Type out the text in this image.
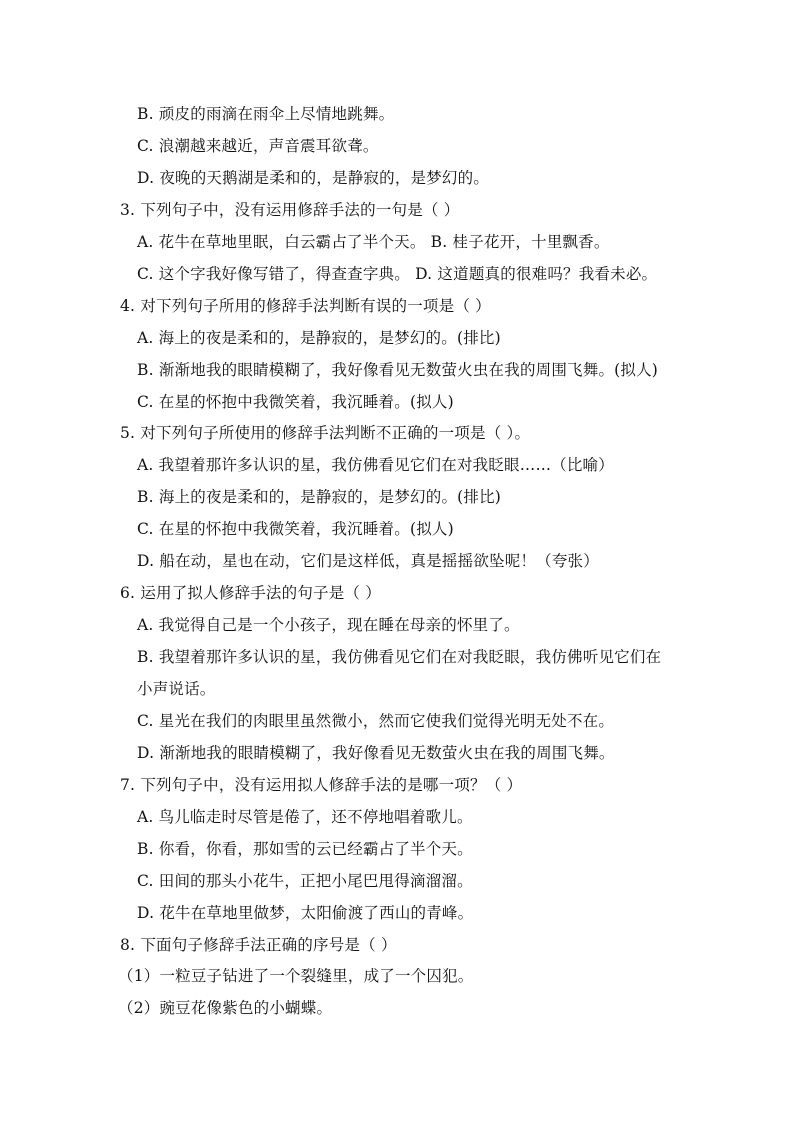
B. 顽皮的雨滴在雨伞上尽情地跳舞。
C. 浪潮越来越近，声音震耳欲聋。
D. 夜晚的天鹅湖是柔和的，是静寂的，是梦幻的。
3. 下列句子中，没有运用修辞手法的一句是（ ）
A. 花牛在草地里眠，白云霸占了半个天。 B. 桂子花开，十里飘香。
C. 这个字我好像写错了，得查查字典。 D. 这道题真的很难吗？我看未必。
4. 对下列句子所用的修辞手法判断有误的一项是（ ）
A. 海上的夜是柔和的，是静寂的，是梦幻的。(排比)
B. 渐渐地我的眼睛模糊了，我好像看见无数萤火虫在我的周围飞舞。(拟人)
C. 在星的怀抱中我微笑着，我沉睡着。(拟人)
5. 对下列句子所使用的修辞手法判断不正确的一项是（ ）。
A. 我望着那许多认识的星，我仿佛看见它们在对我眨眼……（比喻）
B. 海上的夜是柔和的，是静寂的，是梦幻的。(排比)
C. 在星的怀抱中我微笑着，我沉睡着。(拟人)
D. 船在动，星也在动，它们是这样低，真是摇摇欲坠呢！（夸张）
6. 运用了拟人修辞手法的句子是（ ）
A. 我觉得自己是一个小孩子，现在睡在母亲的怀里了。
B. 我望着那许多认识的星，我仿佛看见它们在对我眨眼，我仿佛听见它们在
小声说话。
C. 星光在我们的肉眼里虽然微小，然而它使我们觉得光明无处不在。
D. 渐渐地我的眼睛模糊了，我好像看见无数萤火虫在我的周围飞舞。
7. 下列句子中，没有运用拟人修辞手法的是哪一项？（ ）
A. 鸟儿临走时尽管是倦了，还不停地唱着歌儿。
B. 你看，你看，那如雪的云已经霸占了半个天。
C. 田间的那头小花牛，正把小尾巴甩得滴溜溜。
D. 花牛在草地里做梦，太阳偷渡了西山的青峰。
8. 下面句子修辞手法正确的序号是（ ）
（1）一粒豆子钻进了一个裂缝里，成了一个囚犯。
（2）豌豆花像紫色的小蝴蝶。
